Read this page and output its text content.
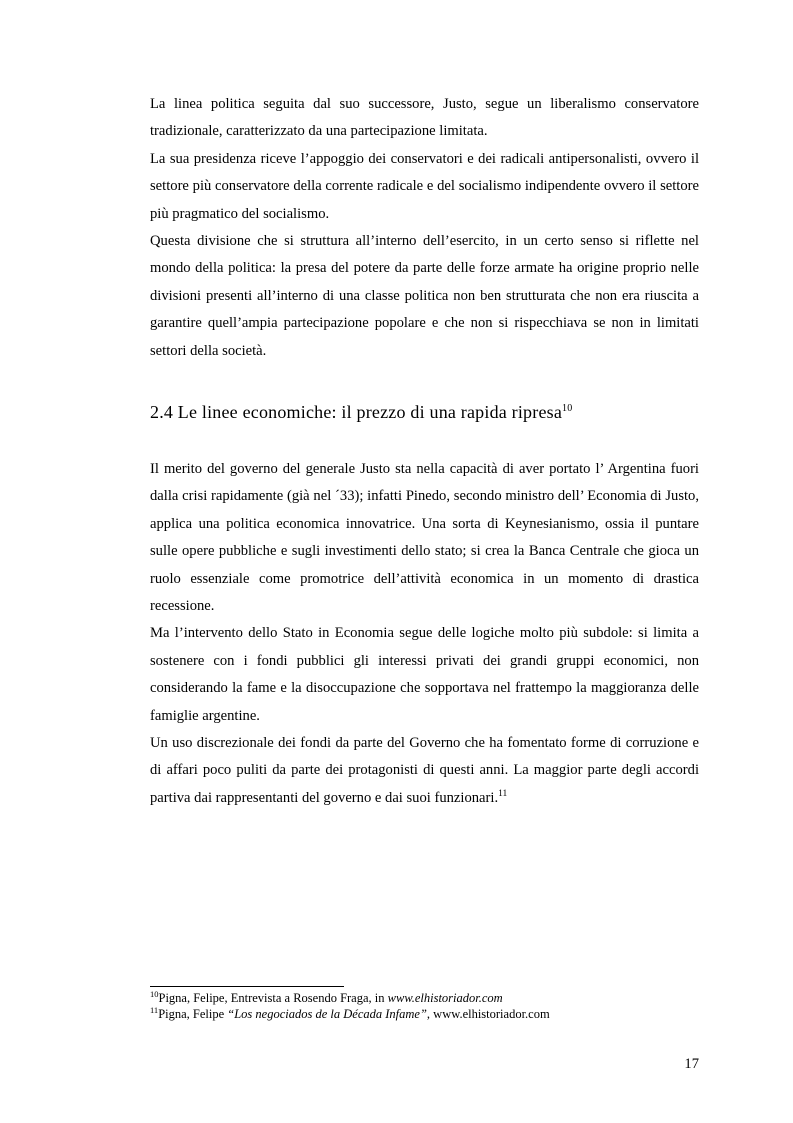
La linea politica seguita dal suo successore, Justo, segue un liberalismo conservatore tradizionale, caratterizzato da una partecipazione limitata.

La sua presidenza riceve l’appoggio dei conservatori e dei radicali antipersonalisti, ovvero il settore più conservatore della corrente radicale e del socialismo indipendente ovvero il settore più pragmatico del socialismo.

Questa divisione che si struttura all’interno dell’esercito, in un certo senso si riflette nel mondo della politica: la presa del potere da parte delle forze armate ha origine proprio nelle divisioni presenti all’interno di una classe politica non ben strutturata che non era riuscita a garantire quell’ampia partecipazione popolare e che non si rispecchiava se non in limitati settori della società.

2.4 Le linee economiche: il prezzo di una rapida ripresa$^{10}$

Il merito del governo del generale Justo sta nella capacità di aver portato l’ Argentina fuori dalla crisi rapidamente (già nel ´33); infatti Pinedo, secondo ministro dell’ Economia di Justo, applica una politica economica innovatrice. Una sorta di Keynesianismo, ossia il puntare sulle opere pubbliche e sugli investimenti dello stato; si crea la Banca Centrale che gioca un ruolo essenziale come promotrice dell’attività economica in un momento di drastica recessione.

Ma l’intervento dello Stato in Economia segue delle logiche molto più subdole: si limita a sostenere con i fondi pubblici gli interessi privati dei grandi gruppi economici, non considerando la fame e la disoccupazione che sopportava nel frattempo la maggioranza delle famiglie argentine.

Un uso discrezionale dei fondi da parte del Governo che ha fomentato forme di corruzione e di affari poco puliti da parte dei protagonisti di questi anni. La maggior parte degli accordi partiva dai rappresentanti del governo e dai suoi funzionari.$^{11}$

$^{10}$Pigna, Felipe, Entrevista a Rosendo Fraga, in www.elhistoriador.com

$^{11}$Pigna, Felipe “Los negociados de la Década Infame”, www.elhistoriador.com

17
